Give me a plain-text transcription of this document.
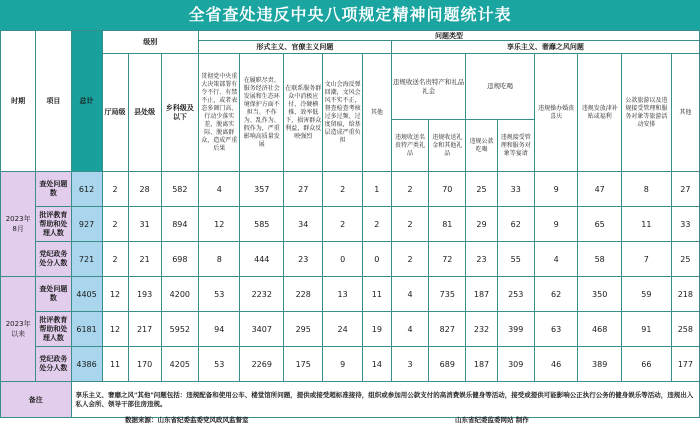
全省查处违反中央八项规定精神问题统计表
时期	项目	总计	级别			问题类型												
						形式主义、官僚主义问题					享乐主义、奢靡之风问题							
			厅局级	县处级	乡科级及以下	贯彻党中央重大决策部署有令不行、有禁不止，或者表态多调门高、行动少落实差，脱离实际、脱离群众，造成严重后果	在履职尽责、服务经济社会发展和生态环境保护方面不担当、不作为、乱作为、假作为，严重影响高质量发展	在联系服务群众中消极应付、冷硬横推、效率低下，损害群众利益，群众反映强烈	文山会海反弹回潮，文风会风不实不正，督查检查考核过多过频、过度留痕，给基层造成严重负担	其他	违规收送名贵特产和礼品礼金		违规吃喝		违规操办婚丧喜庆	违规发放津补贴或福利	公款旅游以及违规接受管理和服务对象等旅游活动安排	其他
											违规收送名贵特产类礼品	违规收送礼金和其他礼品	违规公款吃喝	违规接受管理和服务对象等宴请				

2023年
8月	查处问题数	612	2	28	582	4	357	27	2	1	2	70	25	33	9	47	8	27
	批评教育帮助和处理人数	927	2	31	894	12	585	34	2	2	2	81	29	62	9	65	11	33
	党纪政务处分人数	721	2	21	698	8	444	23	0	0	2	72	23	55	4	58	7	25

2023年
以来	查处问题数	4405	12	193	4200	53	2232	228	13	11	4	735	187	253	62	350	59	218
	批评教育帮助和处理人数	6181	12	217	5952	94	3407	295	24	19	4	827	232	399	63	468	91	258
	党纪政务处分人数	4386	11	170	4205	53	2269	175	9	14	3	689	187	309	46	389	66	177
备注		享乐主义、奢靡之风"其他"问题包括：违规配备和使用公车、楼堂馆所问题，提供或接受超标准接待，组织或参加用公款支付的高消费娱乐健身等活动，接受或提供可能影响公正执行公务的健身娱乐等活动，违规出入私人会所、领导干部住房违规。																
数据来源：山东省纪委监委党风政风监督室	山东省纪委监委网站 制作
